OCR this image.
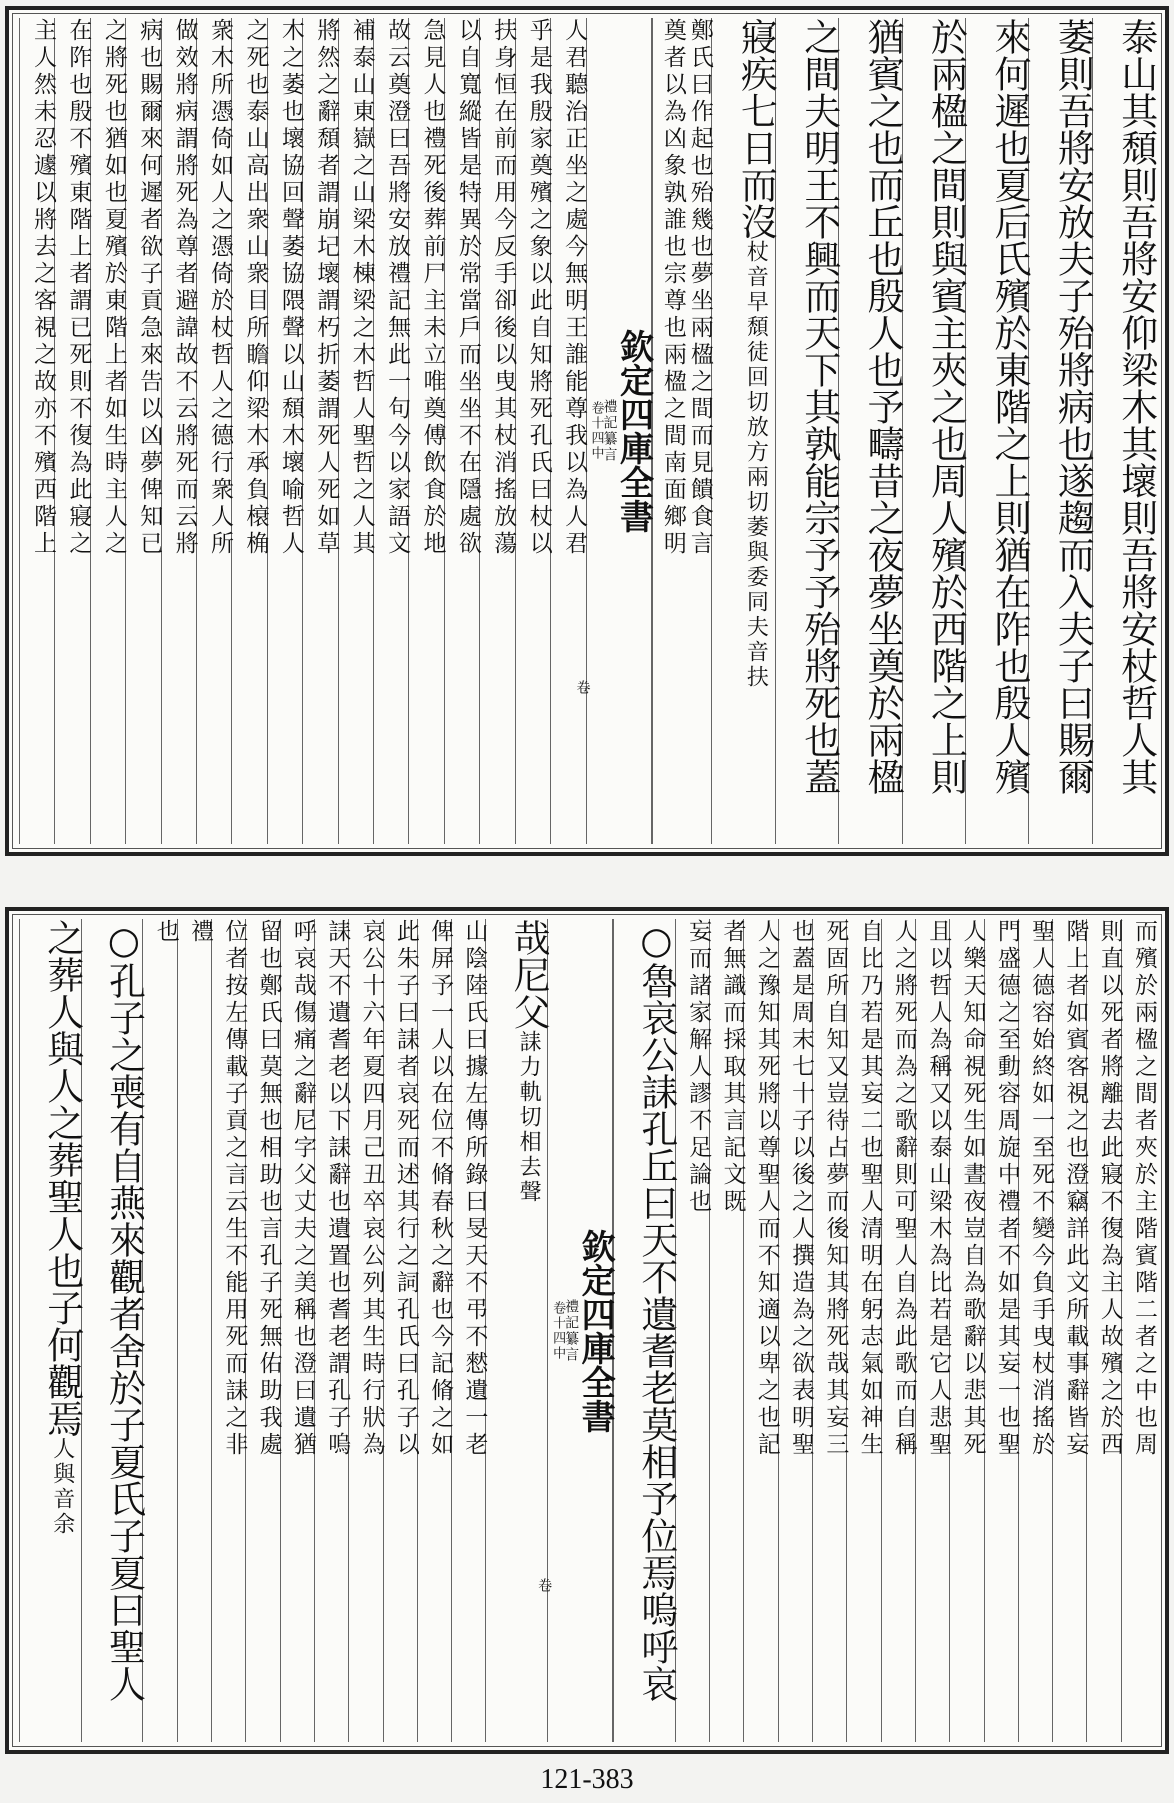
泰山其頹則吾將安仰梁木其壞則吾將安杖哲人其
萎則吾將安放夫子殆將病也遂趨而入夫子曰賜爾
來何遲也夏后氏殯於東階之上則猶在阼也殷人殯
於兩楹之間則與賓主夾之也周人殯於西階之上則
猶賓之也而丘也殷人也予疇昔之夜夢坐奠於兩楹
之間夫明王不興而天下其孰能宗予予殆將死也蓋
寢疾七日而沒杖音早頹徒回切放方兩切萎與委同夫音扶
鄭氏曰作起也殆幾也夢坐兩楹之間而見饋食言
奠者以為凶象孰誰也宗尊也兩楹之間南面鄉明
欽定四庫全書
禮記纂言
卷十四中
卷
人君聽治正坐之處今無明王誰能尊我以為人君
乎是我殷家奠殯之象以此自知將死孔氏曰杖以
扶身恒在前而用今反手卻後以曳其杖消搖放蕩
以自寬縱皆是特異於常當戶而坐坐不在隱處欲
急見人也禮死後葬前尸主未立唯奠傅飲食於地
故云奠澄曰吾將安放禮記無此一句今以家語文
補泰山東嶽之山梁木棟梁之木哲人聖哲之人其
將然之辭頹者謂崩圮壞謂朽折萎謂死人死如草
木之萎也壞協回聲萎協隈聲以山頹木壞喻哲人
之死也泰山高出衆山衆目所瞻仰梁木承負榱桷
衆木所憑倚如人之憑倚於杖哲人之德行衆人所
做效將病謂將死為尊者避諱故不云將死而云將
病也賜爾來何遲者欲子貢急來告以凶夢俾知已
之將死也猶如也夏殯於東階上者如生時主人之
在阼也殷不殯東階上者謂已死則不復為此寢之
主人然未忍遽以將去之客視之故亦不殯西階上
而殯於兩楹之間者夾於主階賓階二者之中也周
則直以死者將離去此寢不復為主人故殯之於西
階上者如賓客視之也澄竊詳此文所載事辭皆妄
聖人德容始終如一至死不變今負手曳杖消搖於
門盛德之至動容周旋中禮者不如是其妄一也聖
人樂天知命視死生如晝夜豈自為歌辭以悲其死
且以哲人為稱又以泰山梁木為比若是它人悲聖
人之將死而為之歌辭則可聖人自為此歌而自稱
自比乃若是其妄二也聖人清明在躬志氣如神生
死固所自知又豈待占夢而後知其將死哉其妄三
也蓋是周末七十子以後之人撰造為之欲表明聖
人之豫知其死將以尊聖人而不知適以卑之也記
者無識而採取其言記文既
妄而諸家解人謬不足論也
○魯哀公誄孔丘曰天不遺耆老莫相予位焉嗚呼哀
欽定四庫全書
禮記纂言
卷十四中
卷
哉尼父誄力軌切相去聲
山陰陸氏曰據左傳所錄曰旻天不弔不憖遺一老
俾屏予一人以在位不脩春秋之辭也今記脩之如
此朱子曰誄者哀死而述其行之詞孔氏曰孔子以
哀公十六年夏四月己丑卒哀公列其生時行狀為
誄天不遺耆老以下誄辭也遺置也耆老謂孔子嗚
呼哀哉傷痛之辭尼字父丈夫之美稱也澄曰遺猶
留也鄭氏曰莫無也相助也言孔子死無佑助我處
位者按左傳載子貢之言云生不能用死而誄之非
禮
也
○孔子之喪有自燕來觀者舍於子夏氏子夏曰聖人
之葬人與人之葬聖人也子何觀焉人與音余
121-383
